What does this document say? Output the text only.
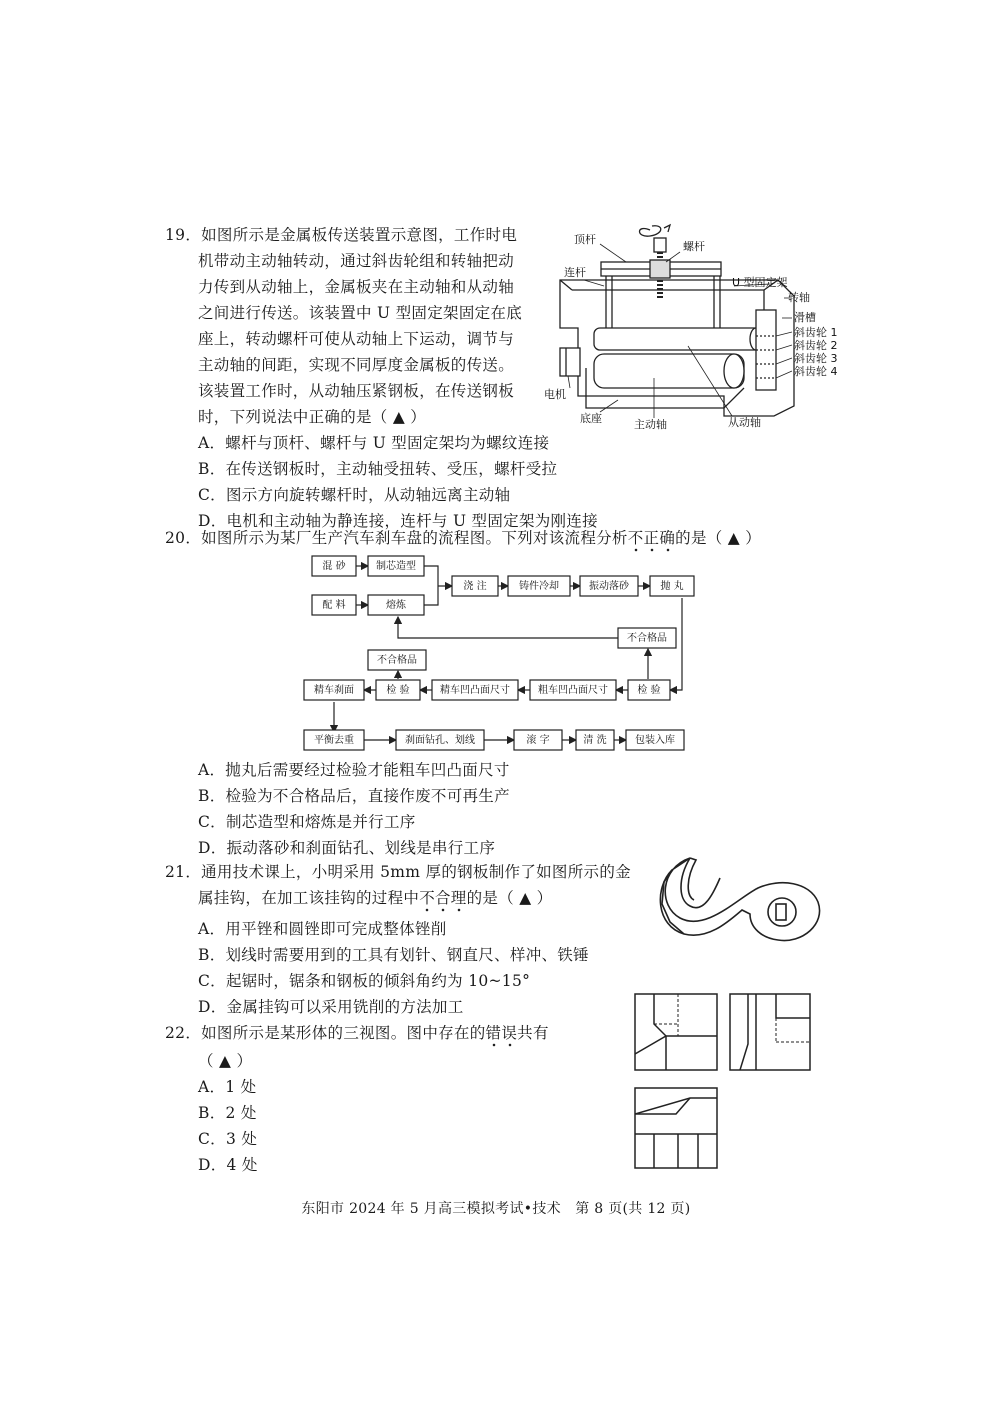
19．如图所示是金属板传送装置示意图，工作时电
机带动主动轴转动，通过斜齿轮组和转轴把动
力传到从动轴上，金属板夹在主动轴和从动轴
之间进行传送。该装置中 U 型固定架固定在底
座上，转动螺杆可使从动轴上下运动，调节与
主动轴的间距，实现不同厚度金属板的传送。
该装置工作时，从动轴压紧钢板，在传送钢板
时，下列说法中正确的是（ ▲ ）
A．螺杆与顶杆、螺杆与 U 型固定架均为螺纹连接
B．在传送钢板时，主动轴受扭转、受压，螺杆受拉
C．图示方向旋转螺杆时，从动轴远离主动轴
D．电机和主动轴为静连接，连杆与 U 型固定架为刚连接
顶杆
螺杆
连杆
U 型固定架
转轴
滑槽
斜齿轮 1
斜齿轮 2
斜齿轮 3
斜齿轮 4
电机
底座	主动轴	从动轴
20．如图所示为某厂生产汽车刹车盘的流程图。下列对该流程分析不正确的是（ ▲ ）
混 砂	制芯造型
配 料	熔炼
浇 注	铸件冷却	振动落砂	抛 丸
不合格品
不合格品
精车刹面	检 验	精车凹凸面尺寸	粗车凹凸面尺寸	检 验
平衡去重	刹面钻孔、划线	滚 字	清 洗	包装入库
A．抛丸后需要经过检验才能粗车凹凸面尺寸
B．检验为不合格品后，直接作废不可再生产
C．制芯造型和熔炼是并行工序
D．振动落砂和刹面钻孔、划线是串行工序
21．通用技术课上，小明采用 5mm 厚的钢板制作了如图所示的金
属挂钩，在加工该挂钩的过程中不合理的是（ ▲ ）
A．用平锉和圆锉即可完成整体锉削
B．划线时需要用到的工具有划针、钢直尺、样冲、铁锤
C．起锯时，锯条和钢板的倾斜角约为 10~15°
D．金属挂钩可以采用铣削的方法加工
22．如图所示是某形体的三视图。图中存在的错误共有
（ ▲ ）
A．1 处
B．2 处
C．3 处
D．4 处
东阳市 2024 年 5 月高三模拟考试•技术　第 8 页(共 12 页)
